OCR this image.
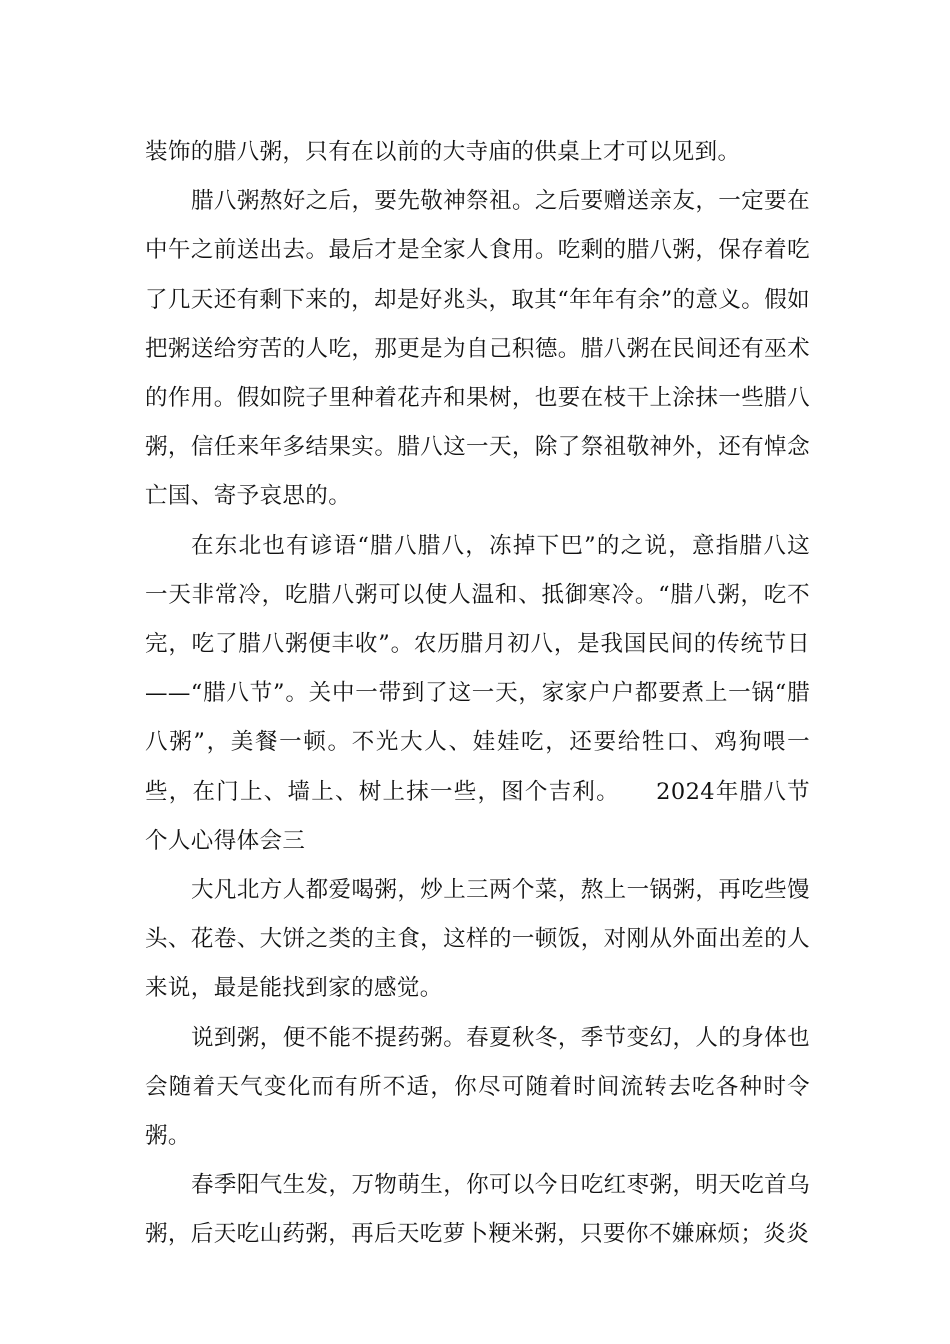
装饰的腊八粥，只有在以前的大寺庙的供桌上才可以见到。

腊八粥熬好之后，要先敬神祭祖。之后要赠送亲友，一定要在中午之前送出去。最后才是全家人食用。吃剩的腊八粥，保存着吃了几天还有剩下来的，却是好兆头，取其“年年有余”的意义。假如把粥送给穷苦的人吃，那更是为自己积德。腊八粥在民间还有巫术的作用。假如院子里种着花卉和果树，也要在枝干上涂抹一些腊八粥，信任来年多结果实。腊八这一天，除了祭祖敬神外，还有悼念亡国、寄予哀思的。

在东北也有谚语“腊八腊八，冻掉下巴”的之说，意指腊八这一天非常冷，吃腊八粥可以使人温和、抵御寒冷。“腊八粥，吃不完，吃了腊八粥便丰收”。农历腊月初八，是我国民间的传统节日——“腊八节”。关中一带到了这一天，家家户户都要煮上一锅“腊八粥”，美餐一顿。不光大人、娃娃吃，还要给牲口、鸡狗喂一些，在门上、墙上、树上抹一些，图个吉利。　　2024年腊八节个人心得体会三

大凡北方人都爱喝粥，炒上三两个菜，熬上一锅粥，再吃些馒头、花卷、大饼之类的主食，这样的一顿饭，对刚从外面出差的人来说，最是能找到家的感觉。

说到粥，便不能不提药粥。春夏秋冬，季节变幻，人的身体也会随着天气变化而有所不适，你尽可随着时间流转去吃各种时令粥。

春季阳气生发，万物萌生，你可以今日吃红枣粥，明天吃首乌粥，后天吃山药粥，再后天吃萝卜粳米粥，只要你不嫌麻烦；炎炎
